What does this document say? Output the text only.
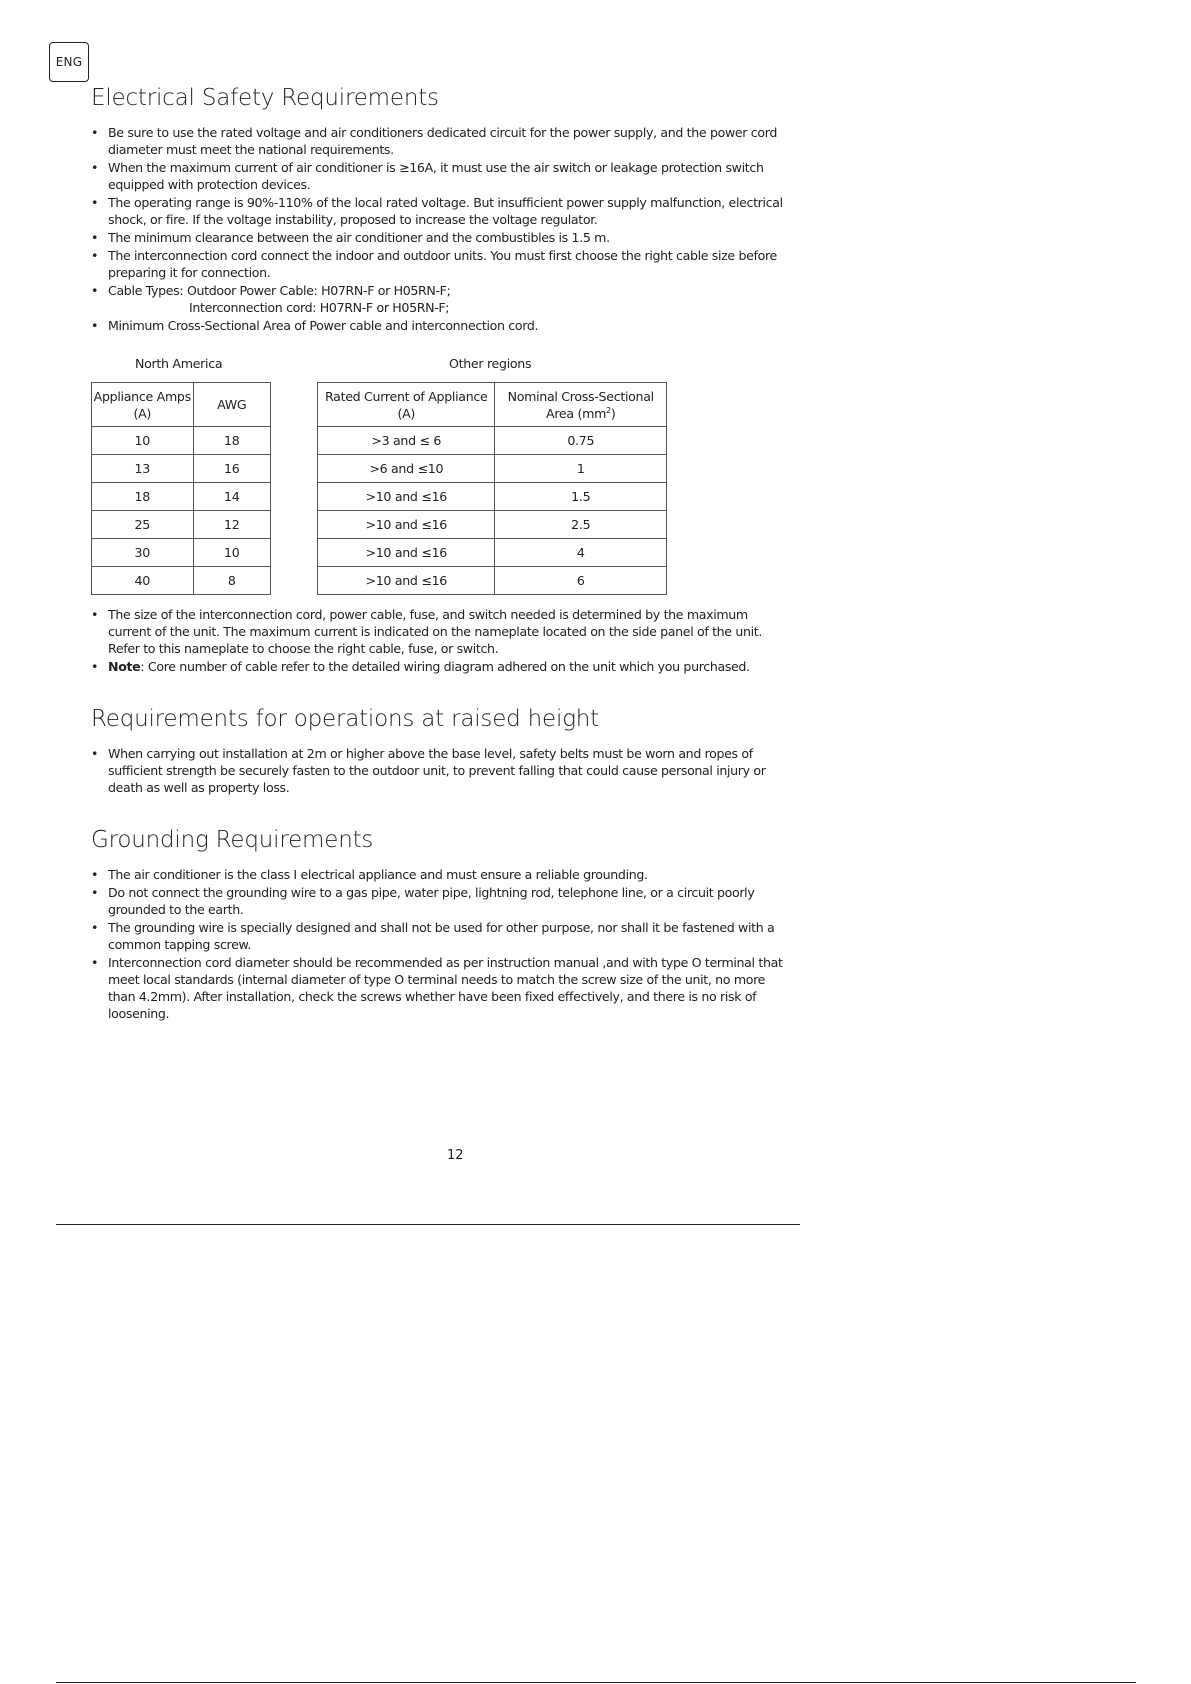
ENG
Electrical Safety Requirements
• Be sure to use the rated voltage and air conditioners dedicated circuit for the power supply, and the power cord diameter must meet the national requirements.
• When the maximum current of air conditioner is ≥16A, it must use the air switch or leakage protection switch equipped with protection devices.
• The operating range is 90%-110% of the local rated voltage. But insufficient power supply malfunction, electrical shock, or fire. If the voltage instability, proposed to increase the voltage regulator.
• The minimum clearance between the air conditioner and the combustibles is 1.5 m.
• The interconnection cord connect the indoor and outdoor units. You must first choose the right cable size before preparing it for connection.
• Cable Types: Outdoor Power Cable: H07RN-F or H05RN-F;
Interconnection cord: H07RN-F or H05RN-F;
• Minimum Cross-Sectional Area of Power cable and interconnection cord.
North America	Other regions
Appliance Amps (A)	AWG
10	18
13	16
18	14
25	12
30	10
40	8
Rated Current of Appliance (A)	Nominal Cross-Sectional Area $(mm^2)$
>3 and ≤ 6	0.75
>6 and ≤10	1
>10 and ≤16	1.5
>10 and ≤16	2.5
>10 and ≤16	4
>10 and ≤16	6
• The size of the interconnection cord, power cable, fuse, and switch needed is determined by the maximum current of the unit. The maximum current is indicated on the nameplate located on the side panel of the unit. Refer to this nameplate to choose the right cable, fuse, or switch.
• Note: Core number of cable refer to the detailed wiring diagram adhered on the unit which you purchased.
Requirements for operations at raised height
• When carrying out installation at 2m or higher above the base level, safety belts must be worn and ropes of sufficient strength be securely fasten to the outdoor unit, to prevent falling that could cause personal injury or death as well as property loss.
Grounding Requirements
• The air conditioner is the class I electrical appliance and must ensure a reliable grounding.
• Do not connect the grounding wire to a gas pipe, water pipe, lightning rod, telephone line, or a circuit poorly grounded to the earth.
• The grounding wire is specially designed and shall not be used for other purpose, nor shall it be fastened with a common tapping screw.
• Interconnection cord diameter should be recommended as per instruction manual ,and with type O terminal that meet local standards (internal diameter of type O terminal needs to match the screw size of the unit, no more than 4.2mm). After installation, check the screws whether have been fixed effectively, and there is no risk of loosening.
12
